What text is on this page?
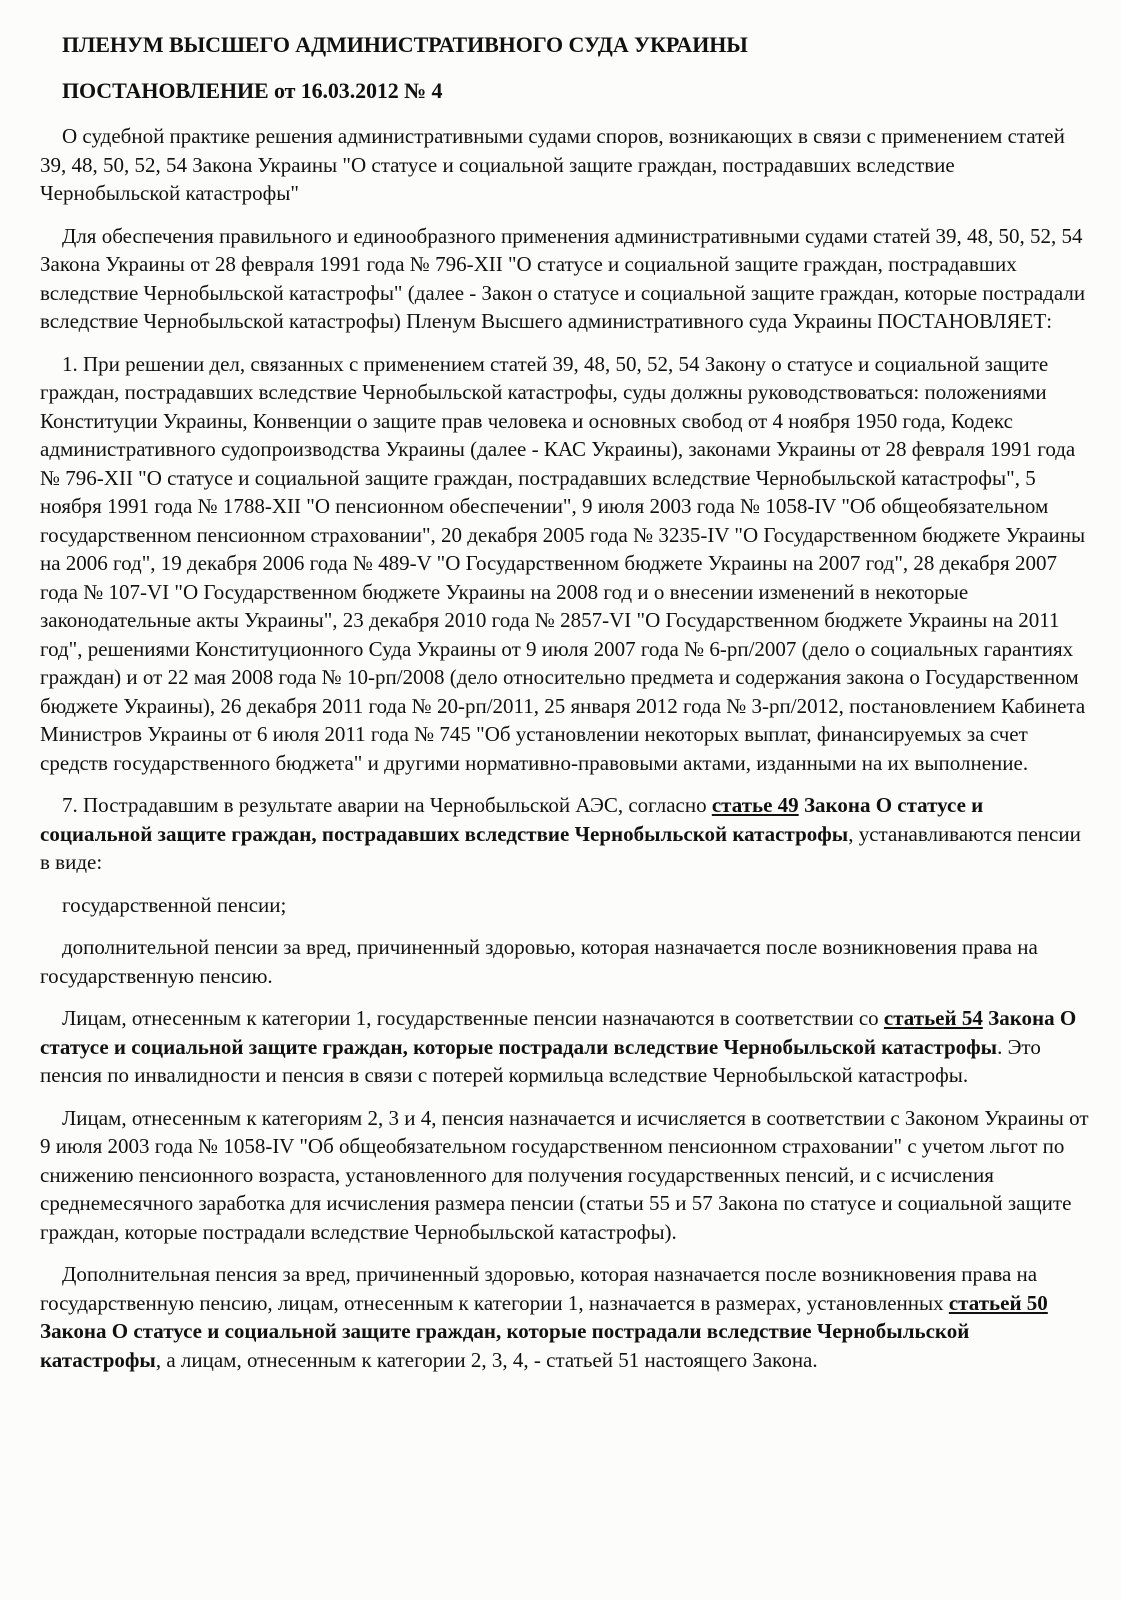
ПЛЕНУМ ВЫСШЕГО АДМИНИСТРАТИВНОГО СУДА УКРАИНЫ
ПОСТАНОВЛЕНИЕ от 16.03.2012 № 4

О судебной практике решения административными судами споров, возникающих в связи с применением статей 39, 48, 50, 52, 54 Закона Украины "О статусе и социальной защите граждан, пострадавших вследствие Чернобыльской катастрофы"

Для обеспечения правильного и единообразного применения административными судами статей 39, 48, 50, 52, 54 Закона Украины от 28 февраля 1991 года № 796-XII "О статусе и социальной защите граждан, пострадавших вследствие Чернобыльской катастрофы" (далее - Закон о статусе и социальной защите граждан, которые пострадали вследствие Чернобыльской катастрофы) Пленум Высшего административного суда Украины ПОСТАНОВЛЯЕТ:

1. При решении дел, связанных с применением статей 39, 48, 50, 52, 54 Закону о статусе и социальной защите граждан, пострадавших вследствие Чернобыльской катастрофы, суды должны руководствоваться: положениями Конституции Украины, Конвенции о защите прав человека и основных свобод от 4 ноября 1950 года, Кодекс административного судопроизводства Украины (далее - КАС Украины), законами Украины от 28 февраля 1991 года № 796-XII "О статусе и социальной защите граждан, пострадавших вследствие Чернобыльской катастрофы", 5 ноября 1991 года № 1788-XII "О пенсионном обеспечении", 9 июля 2003 года № 1058-IV "Об общеобязательном государственном пенсионном страховании", 20 декабря 2005 года № 3235-IV "О Государственном бюджете Украины на 2006 год", 19 декабря 2006 года № 489-V "О Государственном бюджете Украины на 2007 год", 28 декабря 2007 года № 107-VI "О Государственном бюджете Украины на 2008 год и о внесении изменений в некоторые законодательные акты Украины", 23 декабря 2010 года № 2857-VI "О Государственном бюджете Украины на 2011 год", решениями Конституционного Суда Украины от 9 июля 2007 года № 6-рп/2007 (дело о социальных гарантиях граждан) и от 22 мая 2008 года № 10-рп/2008 (дело относительно предмета и содержания закона о Государственном бюджете Украины), 26 декабря 2011 года № 20-рп/2011, 25 января 2012 года № 3-рп/2012, постановлением Кабинета Министров Украины от 6 июля 2011 года № 745 "Об установлении некоторых выплат, финансируемых за счет средств государственного бюджета" и другими нормативно-правовыми актами, изданными на их выполнение.

7. Пострадавшим в результате аварии на Чернобыльской АЭС, согласно статье 49 Закона О статусе и социальной защите граждан, пострадавших вследствие Чернобыльской катастрофы, устанавливаются пенсии в виде:

государственной пенсии;

дополнительной пенсии за вред, причиненный здоровью, которая назначается после возникновения права на государственную пенсию.

Лицам, отнесенным к категории 1, государственные пенсии назначаются в соответствии со статьей 54 Закона О статусе и социальной защите граждан, которые пострадали вследствие Чернобыльской катастрофы. Это пенсия по инвалидности и пенсия в связи с потерей кормильца вследствие Чернобыльской катастрофы.

Лицам, отнесенным к категориям 2, 3 и 4, пенсия назначается и исчисляется в соответствии с Законом Украины от 9 июля 2003 года № 1058-IV "Об общеобязательном государственном пенсионном страховании" с учетом льгот по снижению пенсионного возраста, установленного для получения государственных пенсий, и с исчисления среднемесячного заработка для исчисления размера пенсии (статьи 55 и 57 Закона по статусе и социальной защите граждан, которые пострадали вследствие Чернобыльской катастрофы).

Дополнительная пенсия за вред, причиненный здоровью, которая назначается после возникновения права на государственную пенсию, лицам, отнесенным к категории 1, назначается в размерах, установленных статьей 50 Закона О статусе и социальной защите граждан, которые пострадали вследствие Чернобыльской катастрофы, а лицам, отнесенным к категории 2, 3, 4, - статьей 51 настоящего Закона.
